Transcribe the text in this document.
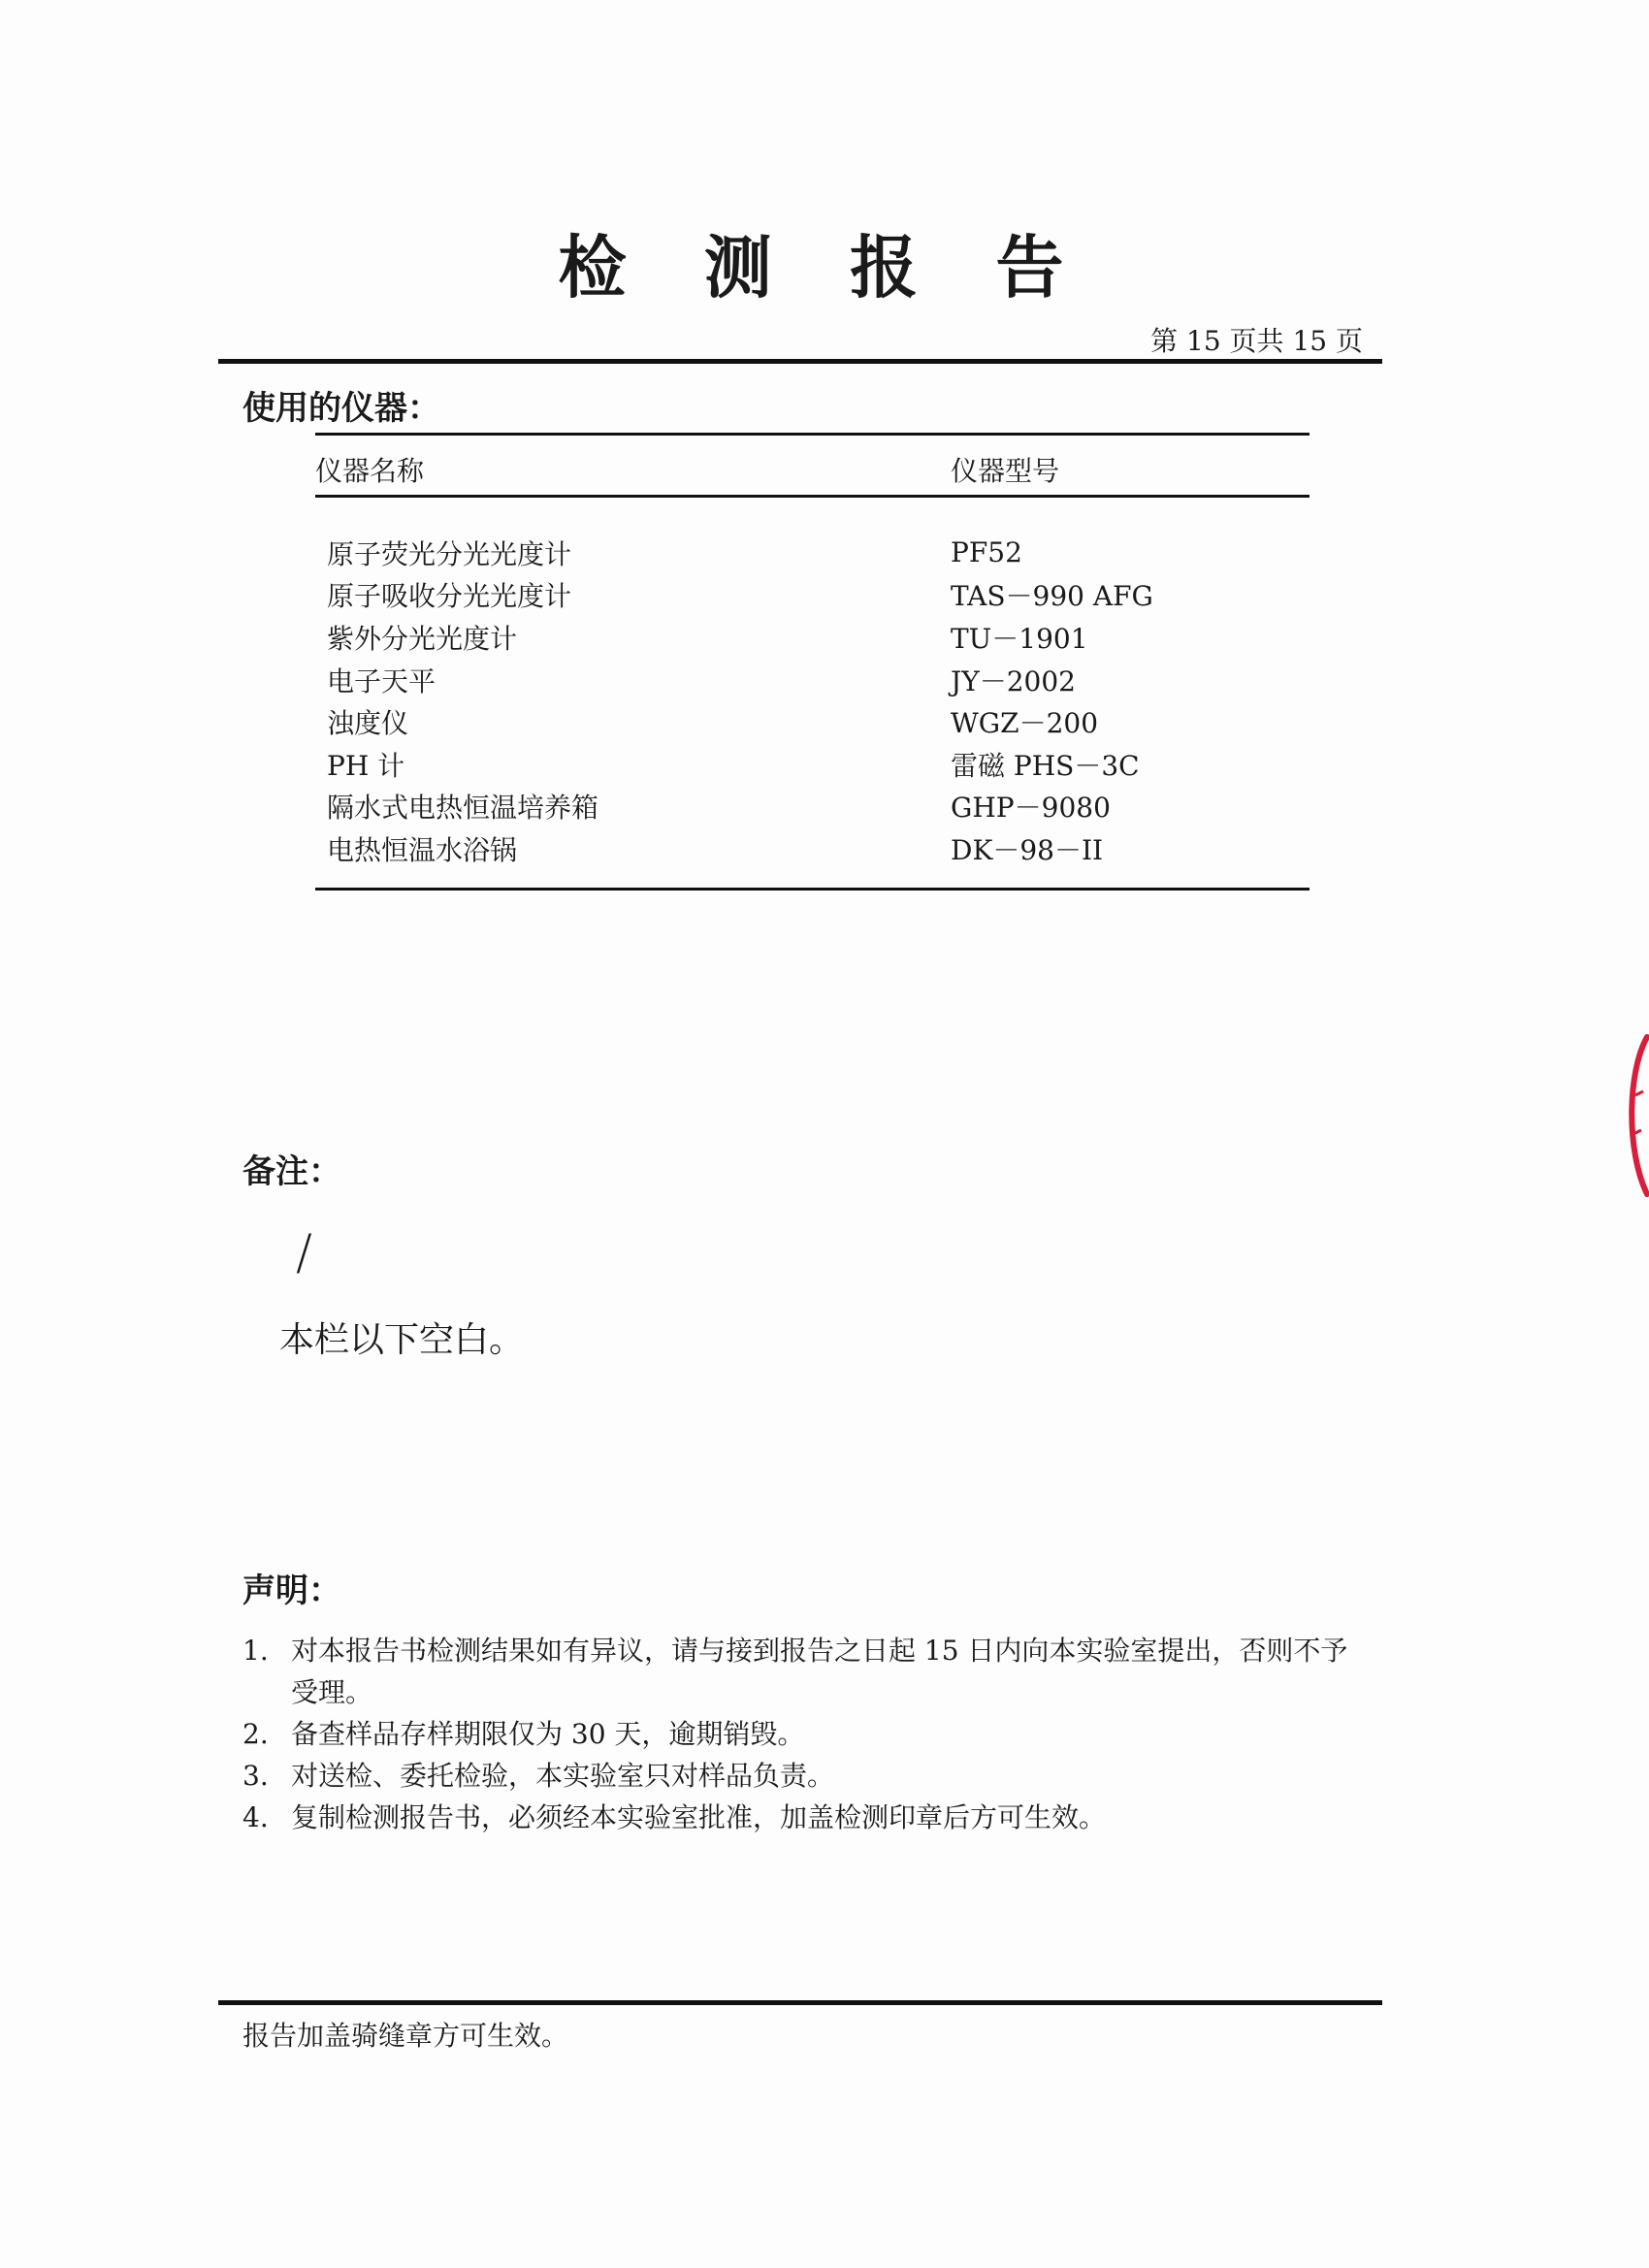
检 测 报 告
第 15 页共 15 页
使用的仪器：
仪器名称	仪器型号
原子荧光分光光度计	PF52
原子吸收分光光度计	TAS－990 AFG
紫外分光光度计	TU－1901
电子天平	JY－2002
浊度仪	WGZ－200
PH 计	雷磁 PHS－3C
隔水式电热恒温培养箱	GHP－9080
电热恒温水浴锅	DK－98－II
备注：
/
本栏以下空白。
声明：
1. 对本报告书检测结果如有异议，请与接到报告之日起 15 日内向本实验室提出，否则不予受理。
2. 备查样品存样期限仅为 30 天，逾期销毁。
3. 对送检、委托检验，本实验室只对样品负责。
4. 复制检测报告书，必须经本实验室批准，加盖检测印章后方可生效。
报告加盖骑缝章方可生效。
